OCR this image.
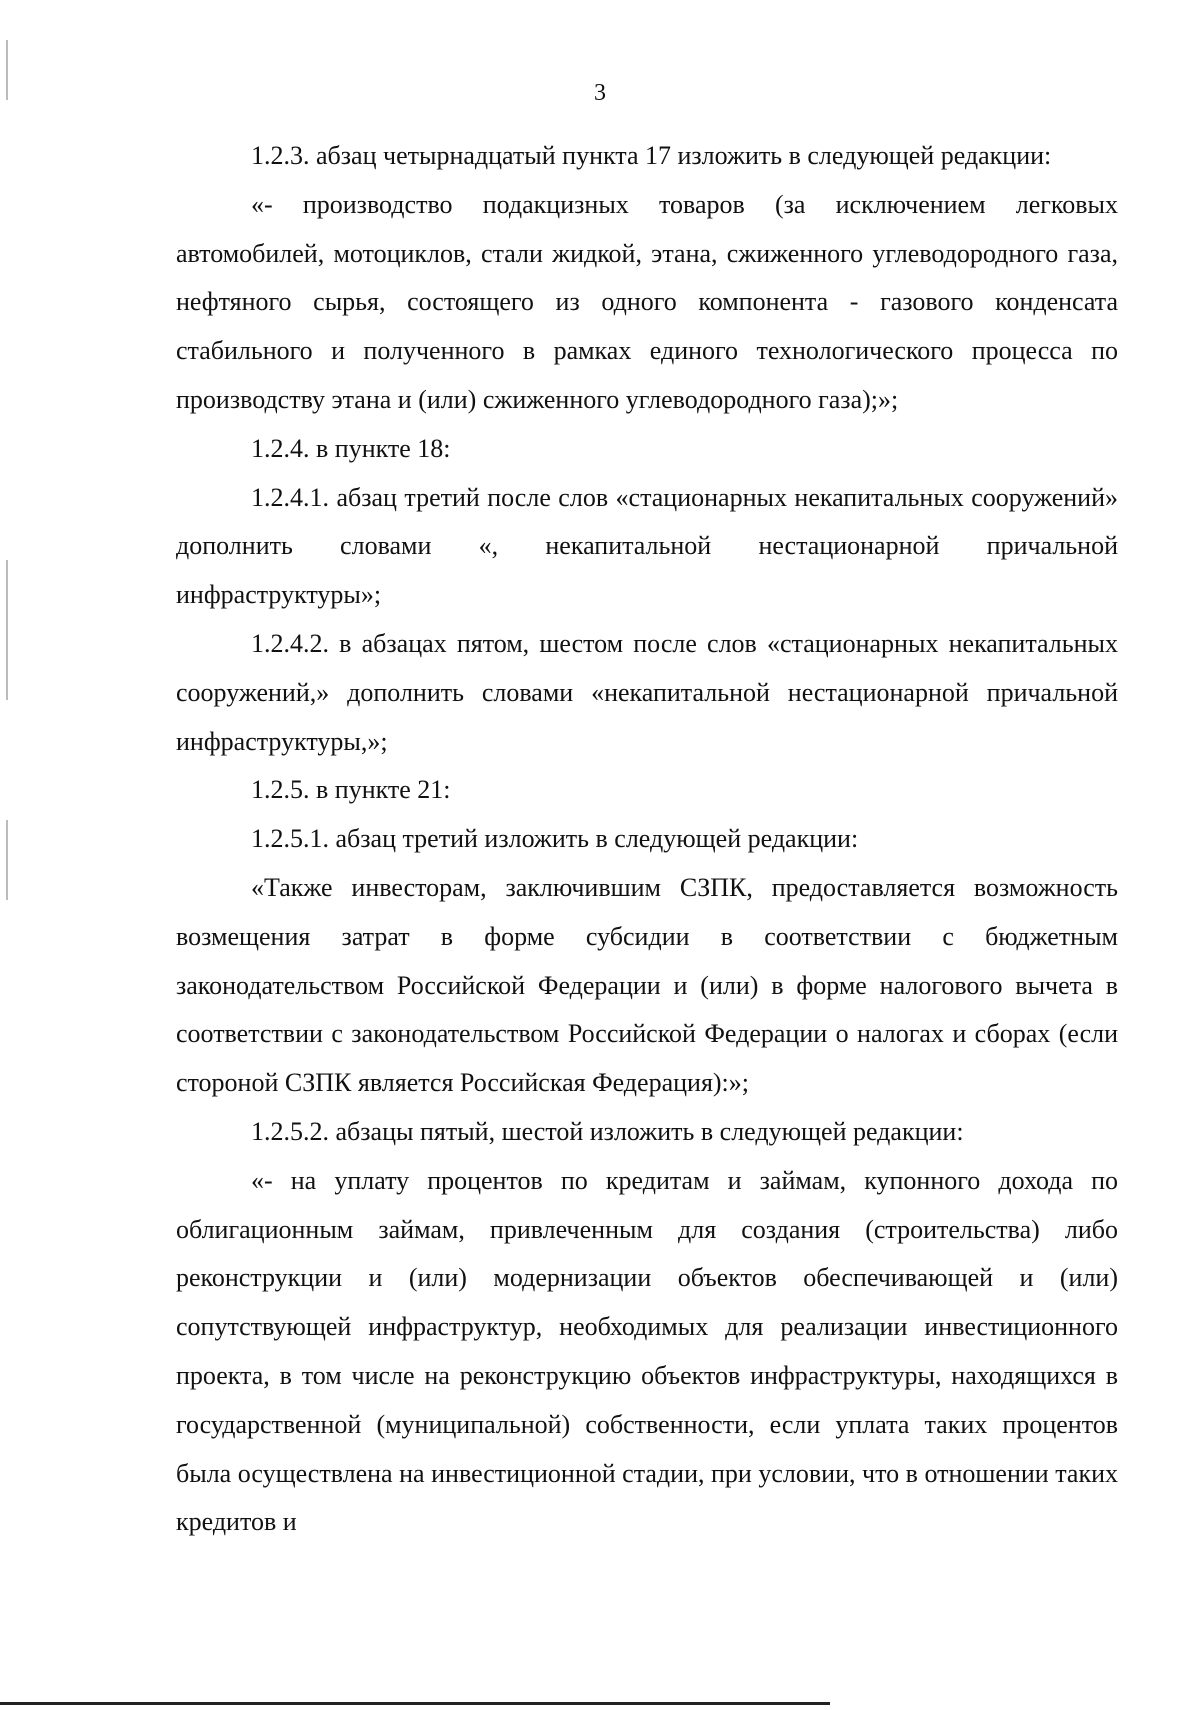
3

1.2.3. абзац четырнадцатый пункта 17 изложить в следующей редакции:

«- производство подакцизных товаров (за исключением легковых автомобилей, мотоциклов, стали жидкой, этана, сжиженного углеводородного газа, нефтяного сырья, состоящего из одного компонента - газового конденсата стабильного и полученного в рамках единого технологического процесса по производству этана и (или) сжиженного углеводородного газа);»;

1.2.4. в пункте 18:

1.2.4.1. абзац третий после слов «стационарных некапитальных сооружений» дополнить словами «, некапитальной нестационарной причальной инфраструктуры»;

1.2.4.2. в абзацах пятом, шестом после слов «стационарных некапитальных сооружений,» дополнить словами «некапитальной нестационарной причальной инфраструктуры,»;

1.2.5. в пункте 21:

1.2.5.1. абзац третий изложить в следующей редакции:

«Также инвесторам, заключившим СЗПК, предоставляется возможность возмещения затрат в форме субсидии в соответствии с бюджетным законодательством Российской Федерации и (или) в форме налогового вычета в соответствии с законодательством Российской Федерации о налогах и сборах (если стороной СЗПК является Российская Федерация):»;

1.2.5.2. абзацы пятый, шестой изложить в следующей редакции:

«- на уплату процентов по кредитам и займам, купонного дохода по облигационным займам, привлеченным для создания (строительства) либо реконструкции и (или) модернизации объектов обеспечивающей и (или) сопутствующей инфраструктур, необходимых для реализации инвестиционного проекта, в том числе на реконструкцию объектов инфраструктуры, находящихся в государственной (муниципальной) собственности, если уплата таких процентов была осуществлена на инвестиционной стадии, при условии, что в отношении таких кредитов и
